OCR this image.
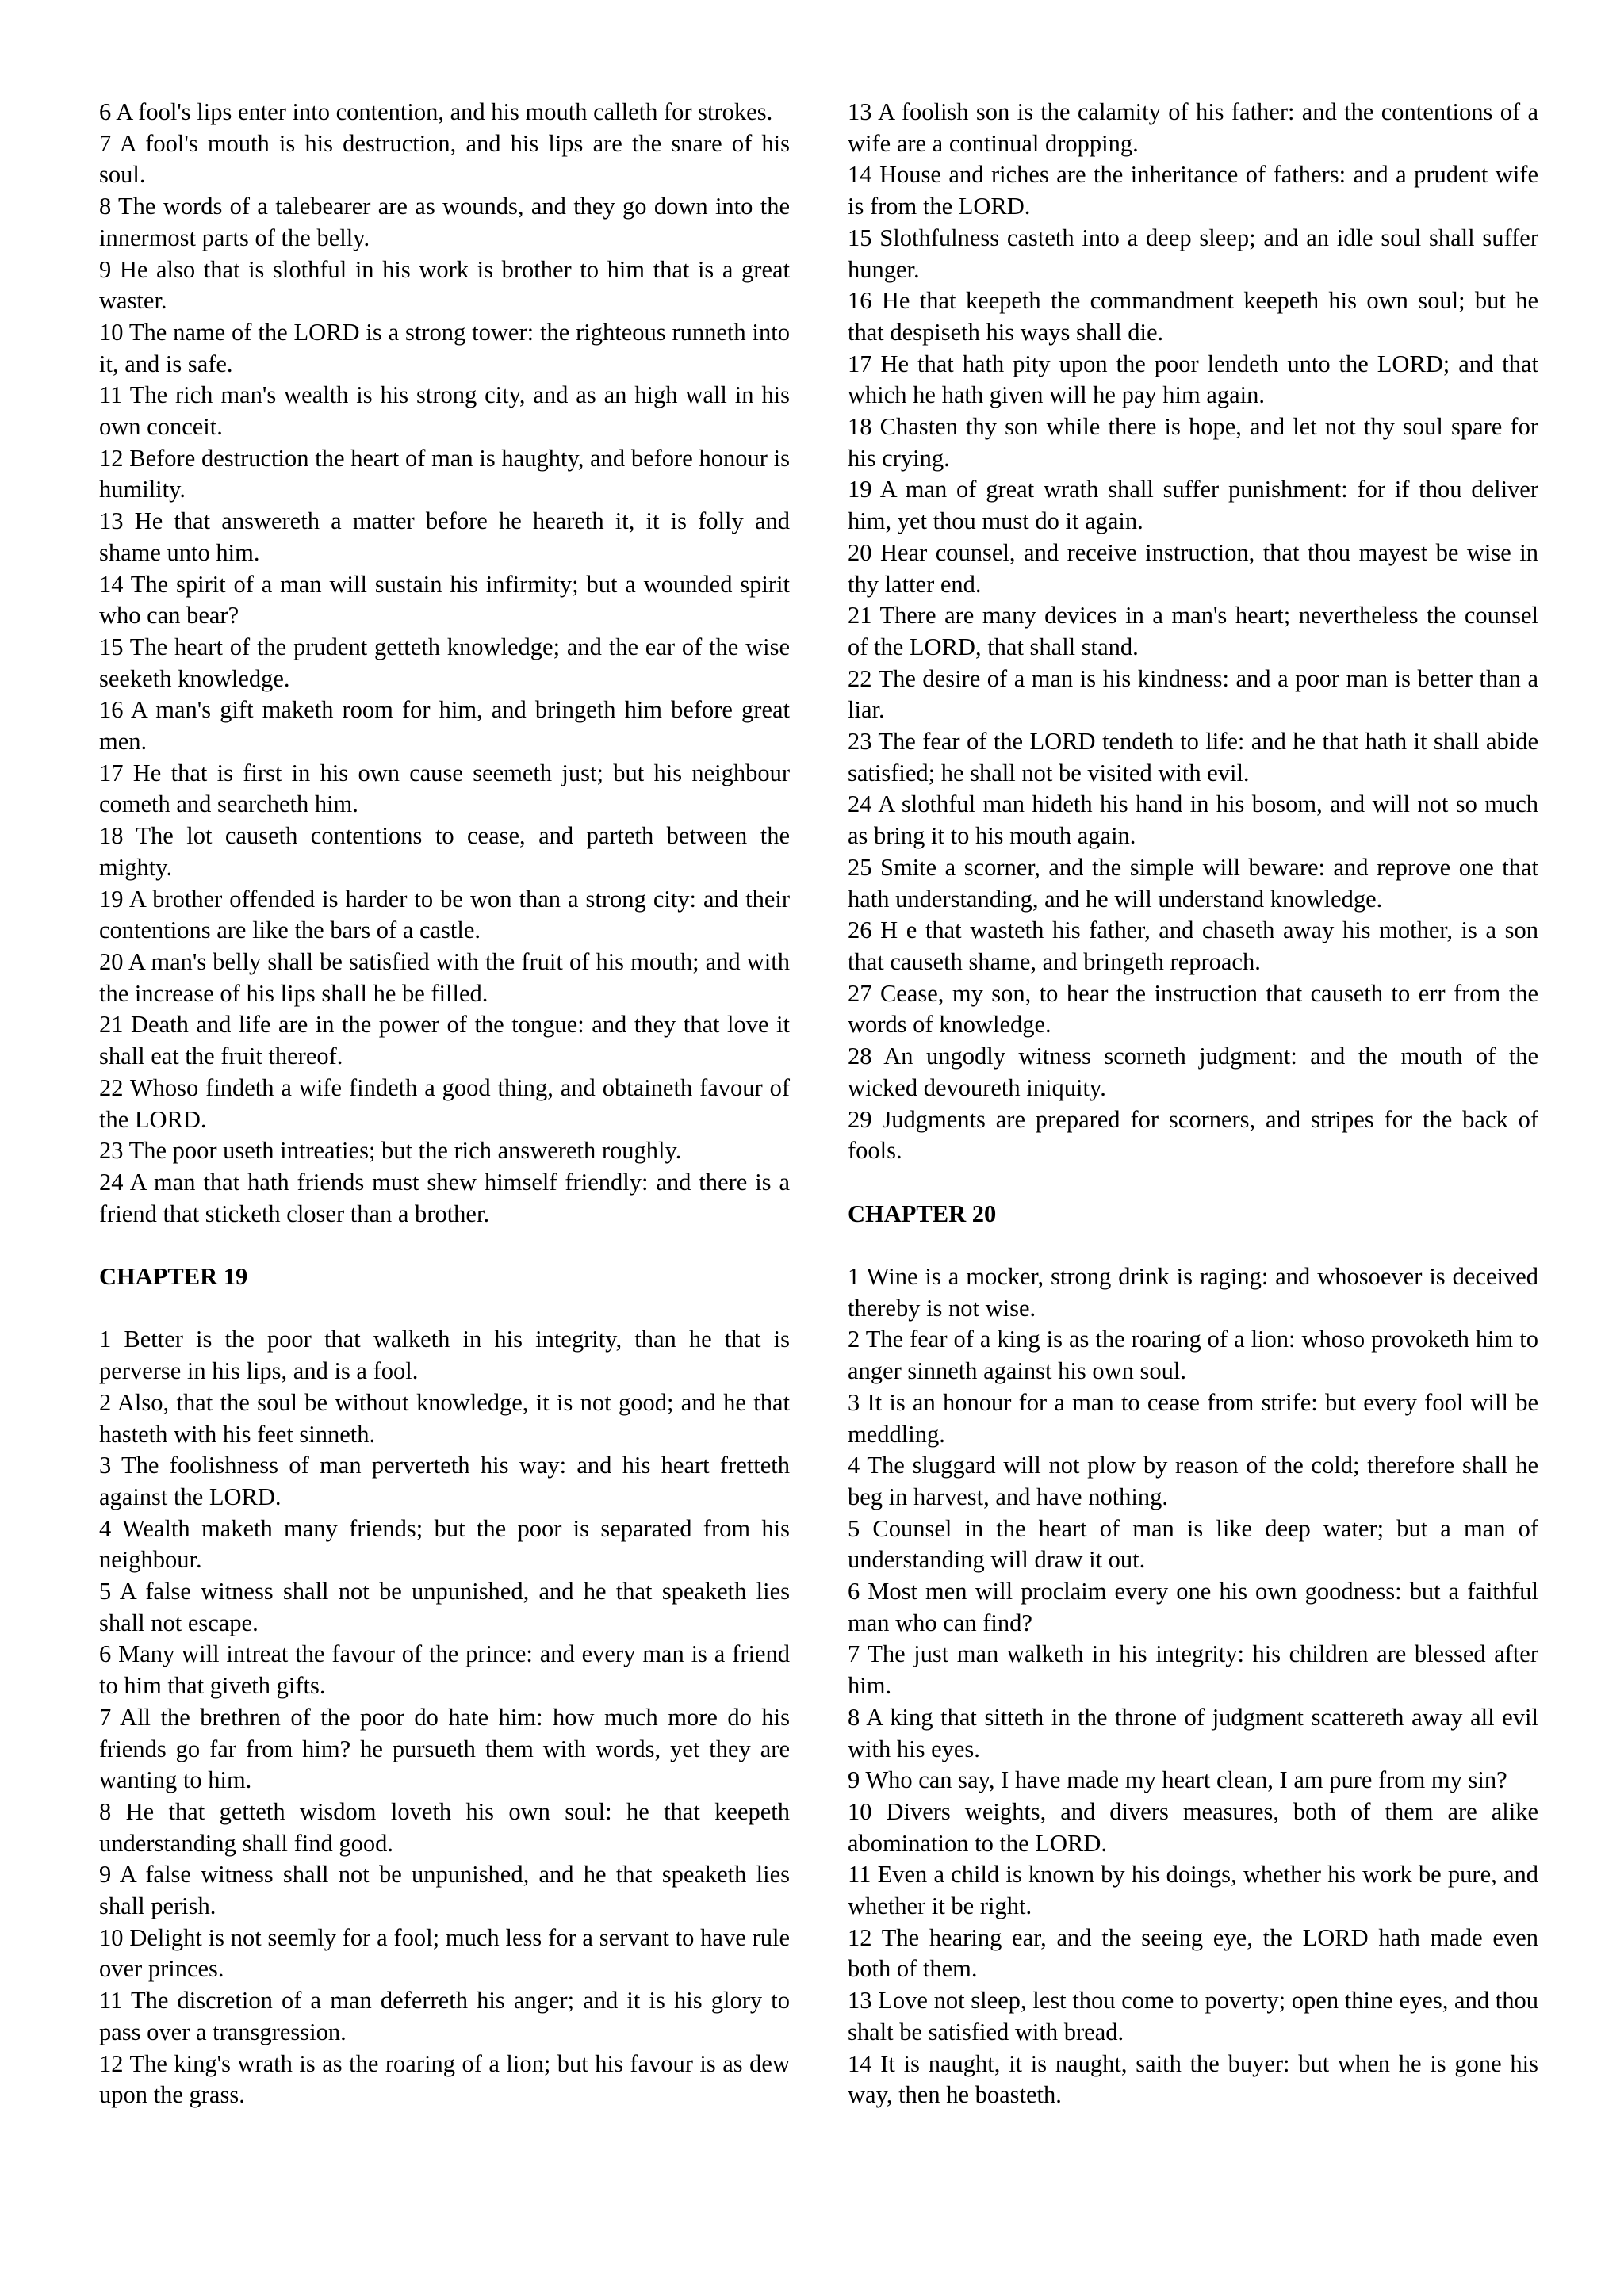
6 A fool's lips enter into contention, and his mouth calleth for strokes.

7 A fool's mouth is his destruction, and his lips are the snare of his soul.

8 The words of a talebearer are as wounds, and they go down into the innermost parts of the belly.

9 He also that is slothful in his work is brother to him that is a great waster.

10 The name of the LORD is a strong tower: the righteous runneth into it, and is safe.

11 The rich man's wealth is his strong city, and as an high wall in his own conceit.

12 Before destruction the heart of man is haughty, and before honour is humility.

13 He that answereth a matter before he heareth it, it is folly and shame unto him.

14 The spirit of a man will sustain his infirmity; but a wounded spirit who can bear?

15 The heart of the prudent getteth knowledge; and the ear of the wise seeketh knowledge.

16 A man's gift maketh room for him, and bringeth him before great men.

17 He that is first in his own cause seemeth just; but his neighbour cometh and searcheth him.

18 The lot causeth contentions to cease, and parteth between the mighty.

19 A brother offended is harder to be won than a strong city: and their contentions are like the bars of a castle.

20 A man's belly shall be satisfied with the fruit of his mouth; and with the increase of his lips shall he be filled.

21 Death and life are in the power of the tongue: and they that love it shall eat the fruit thereof.

22 Whoso findeth a wife findeth a good thing, and obtaineth favour of the LORD.

23 The poor useth intreaties; but the rich answereth roughly.

24 A man that hath friends must shew himself friendly: and there is a friend that sticketh closer than a brother.

CHAPTER 19

1 Better is the poor that walketh in his integrity, than he that is perverse in his lips, and is a fool.

2 Also, that the soul be without knowledge, it is not good; and he that hasteth with his feet sinneth.

3 The foolishness of man perverteth his way: and his heart fretteth against the LORD.

4 Wealth maketh many friends; but the poor is separated from his neighbour.

5 A false witness shall not be unpunished, and he that speaketh lies shall not escape.

6 Many will intreat the favour of the prince: and every man is a friend to him that giveth gifts.

7 All the brethren of the poor do hate him: how much more do his friends go far from him? he pursueth them with words, yet they are wanting to him.

8 He that getteth wisdom loveth his own soul: he that keepeth understanding shall find good.

9 A false witness shall not be unpunished, and he that speaketh lies shall perish.

10 Delight is not seemly for a fool; much less for a servant to have rule over princes.

11 The discretion of a man deferreth his anger; and it is his glory to pass over a transgression.

12 The king's wrath is as the roaring of a lion; but his favour is as dew upon the grass.

13 A foolish son is the calamity of his father: and the contentions of a wife are a continual dropping.

14 House and riches are the inheritance of fathers: and a prudent wife is from the LORD.

15 Slothfulness casteth into a deep sleep; and an idle soul shall suffer hunger.

16 He that keepeth the commandment keepeth his own soul; but he that despiseth his ways shall die.

17 He that hath pity upon the poor lendeth unto the LORD; and that which he hath given will he pay him again.

18 Chasten thy son while there is hope, and let not thy soul spare for his crying.

19 A man of great wrath shall suffer punishment: for if thou deliver him, yet thou must do it again.

20 Hear counsel, and receive instruction, that thou mayest be wise in thy latter end.

21 There are many devices in a man's heart; nevertheless the counsel of the LORD, that shall stand.

22 The desire of a man is his kindness: and a poor man is better than a liar.

23 The fear of the LORD tendeth to life: and he that hath it shall abide satisfied; he shall not be visited with evil.

24 A slothful man hideth his hand in his bosom, and will not so much as bring it to his mouth again.

25 Smite a scorner, and the simple will beware: and reprove one that hath understanding, and he will understand knowledge.

26 H e that wasteth his father, and chaseth away his mother, is a son that causeth shame, and bringeth reproach.

27 Cease, my son, to hear the instruction that causeth to err from the words of knowledge.

28 An ungodly witness scorneth judgment: and the mouth of the wicked devoureth iniquity.

29 Judgments are prepared for scorners, and stripes for the back of fools.

CHAPTER 20

1 Wine is a mocker, strong drink is raging: and whosoever is deceived thereby is not wise.

2 The fear of a king is as the roaring of a lion: whoso provoketh him to anger sinneth against his own soul.

3 It is an honour for a man to cease from strife: but every fool will be meddling.

4 The sluggard will not plow by reason of the cold; therefore shall he beg in harvest, and have nothing.

5 Counsel in the heart of man is like deep water; but a man of understanding will draw it out.

6 Most men will proclaim every one his own goodness: but a faithful man who can find?

7 The just man walketh in his integrity: his children are blessed after him.

8 A king that sitteth in the throne of judgment scattereth away all evil with his eyes.

9 Who can say, I have made my heart clean, I am pure from my sin?

10 Divers weights, and divers measures, both of them are alike abomination to the LORD.

11 Even a child is known by his doings, whether his work be pure, and whether it be right.

12 The hearing ear, and the seeing eye, the LORD hath made even both of them.

13 Love not sleep, lest thou come to poverty; open thine eyes, and thou shalt be satisfied with bread.

14 It is naught, it is naught, saith the buyer: but when he is gone his way, then he boasteth.
